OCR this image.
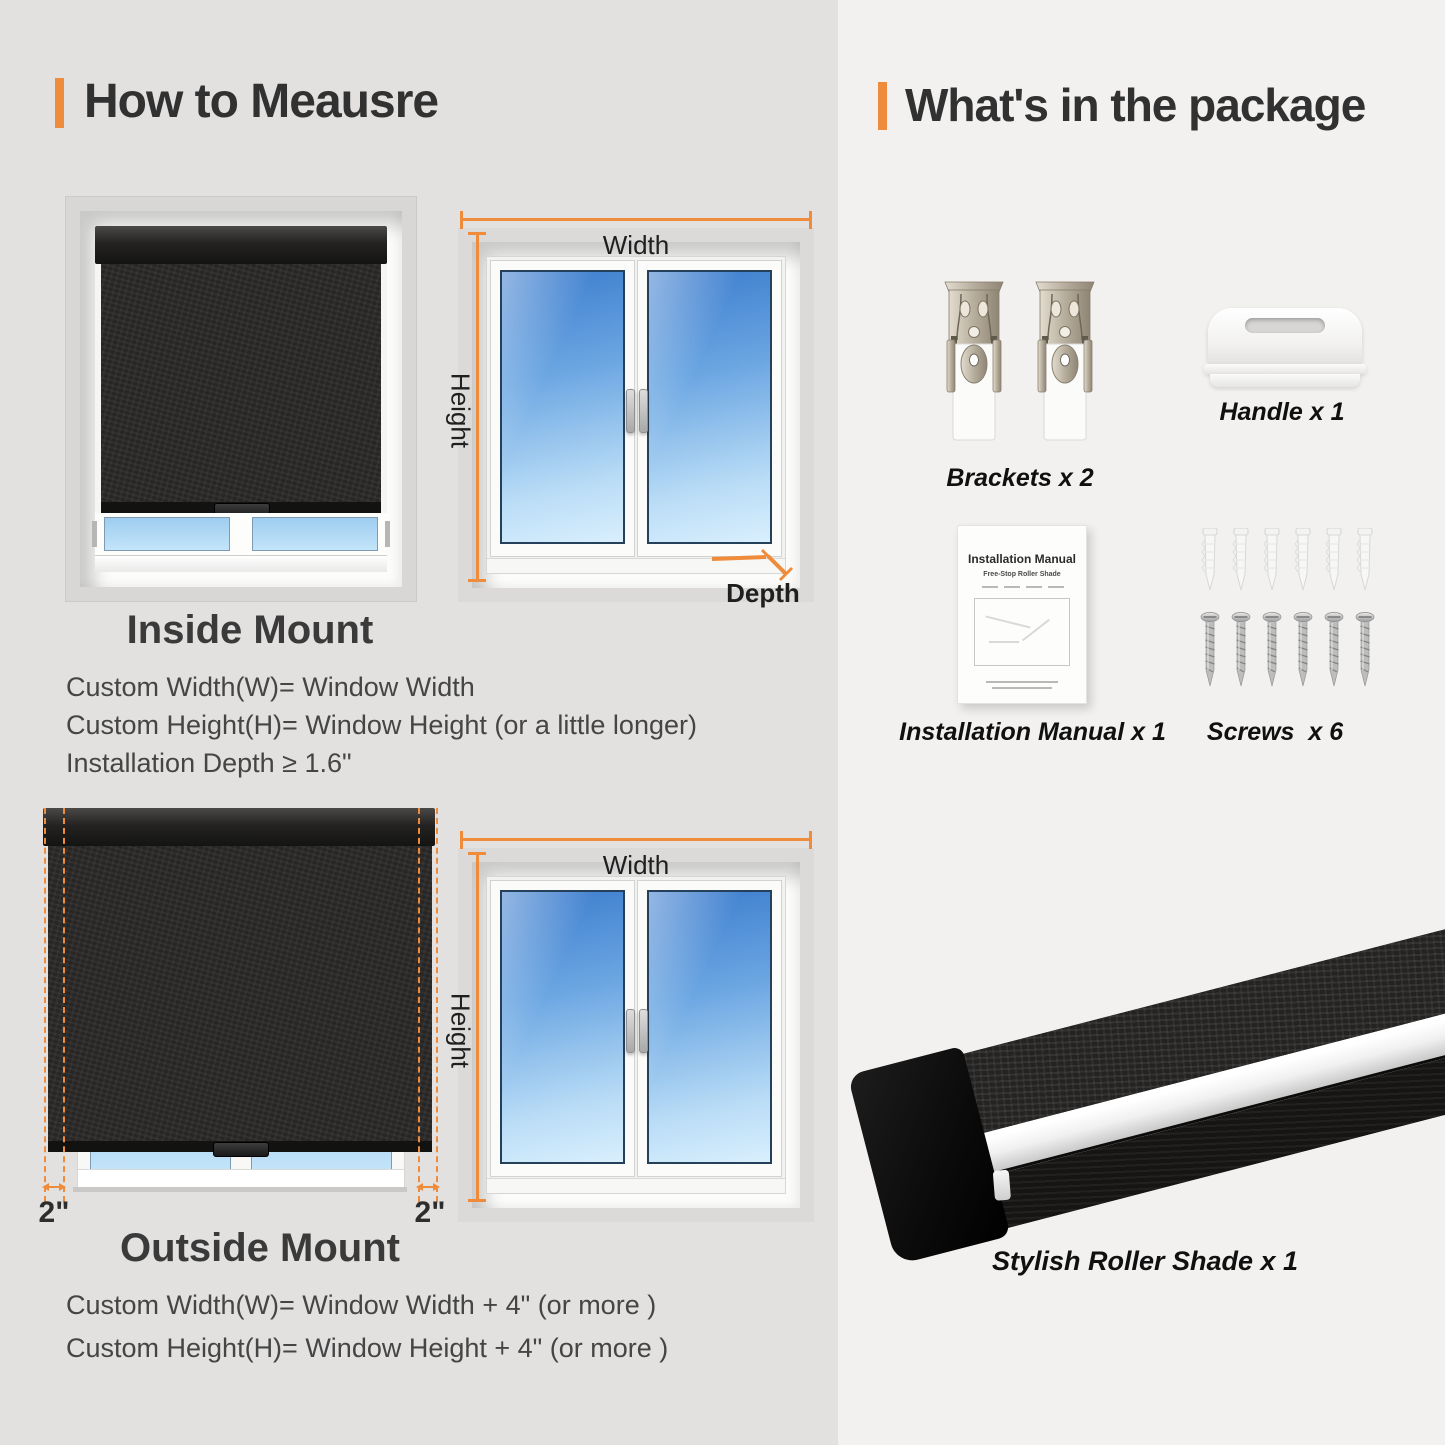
How to Meausre
Width
Height
Depth
Inside Mount
Custom Width(W)= Window Width
Custom Height(H)= Window Height (or a little longer)
Installation Depth ≥ 1.6"
2"	2"
Width
Height
Outside Mount
Custom Width(W)= Window Width + 4" (or more )
Custom Height(H)= Window Height + 4" (or more )
What's in the package
Brackets x 2
Handle x 1
Installation Manual
Free-Stop Roller Shade
Installation Manual x 1	Screws  x 6
Stylish Roller Shade x 1
